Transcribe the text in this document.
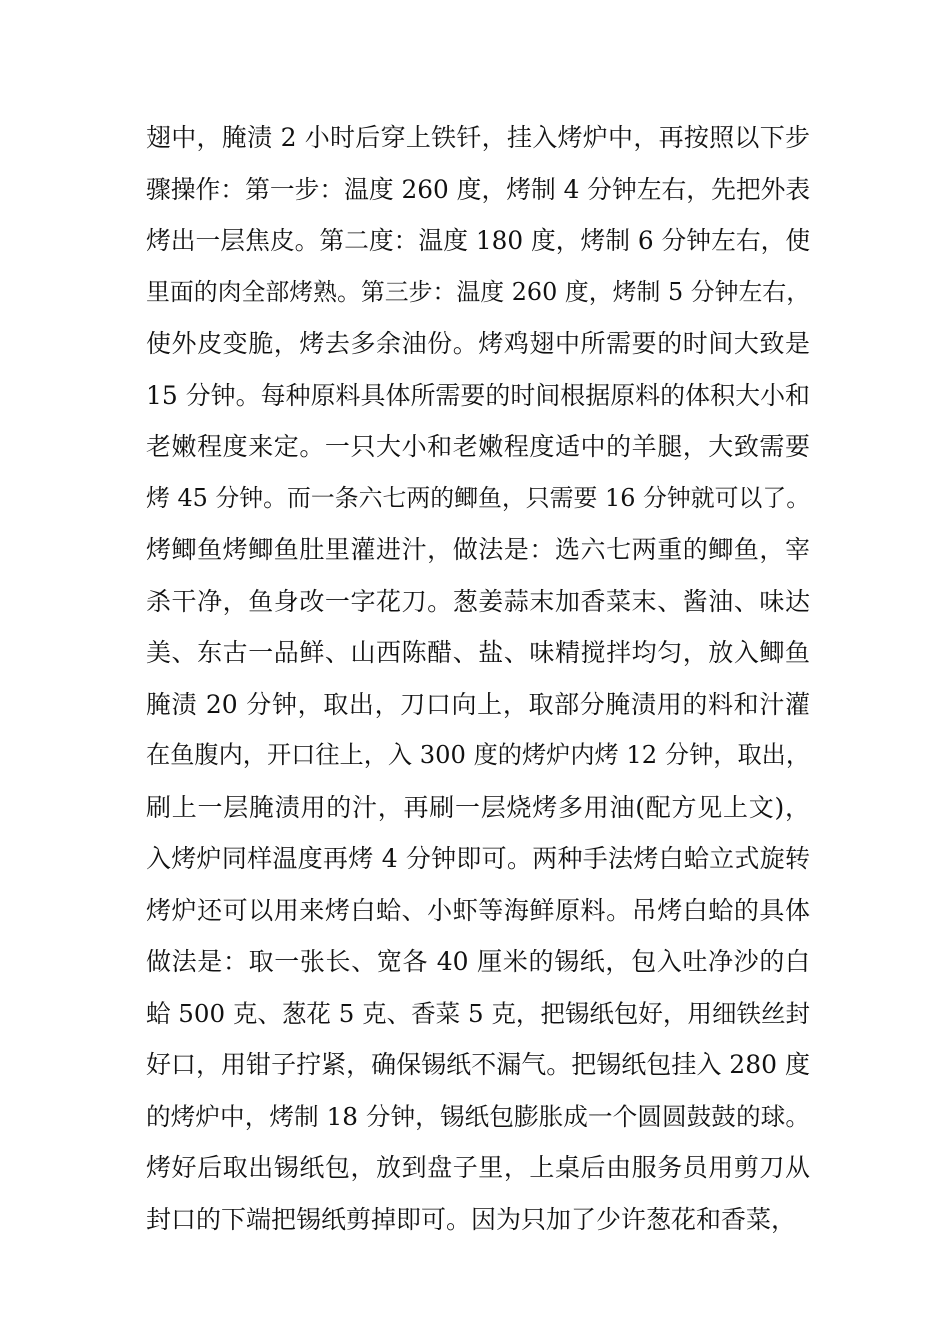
翅中，腌渍 2 小时后穿上铁钎，挂入烤炉中，再按照以下步
骤操作：第一步：温度 260 度，烤制 4 分钟左右，先把外表
烤出一层焦皮。第二度：温度 180 度，烤制 6 分钟左右，使
里面的肉全部烤熟。第三步：温度 260 度，烤制 5 分钟左右，
使外皮变脆，烤去多余油份。烤鸡翅中所需要的时间大致是
15 分钟。每种原料具体所需要的时间根据原料的体积大小和
老嫩程度来定。一只大小和老嫩程度适中的羊腿，大致需要
烤 45 分钟。而一条六七两的鲫鱼，只需要 16 分钟就可以了。
烤鲫鱼烤鲫鱼肚里灌进汁，做法是：选六七两重的鲫鱼，宰
杀干净，鱼身改一字花刀。葱姜蒜末加香菜末、酱油、味达
美、东古一品鲜、山西陈醋、盐、味精搅拌均匀，放入鲫鱼
腌渍 20 分钟，取出，刀口向上，取部分腌渍用的料和汁灌
在鱼腹内，开口往上，入 300 度的烤炉内烤 12 分钟，取出，
刷上一层腌渍用的汁，再刷一层烧烤多用油(配方见上文)，
入烤炉同样温度再烤 4 分钟即可。两种手法烤白蛤立式旋转
烤炉还可以用来烤白蛤、小虾等海鲜原料。吊烤白蛤的具体
做法是：取一张长、宽各 40 厘米的锡纸，包入吐净沙的白
蛤 500 克、葱花 5 克、香菜 5 克，把锡纸包好，用细铁丝封
好口，用钳子拧紧，确保锡纸不漏气。把锡纸包挂入 280 度
的烤炉中，烤制 18 分钟，锡纸包膨胀成一个圆圆鼓鼓的球。
烤好后取出锡纸包，放到盘子里，上桌后由服务员用剪刀从
封口的下端把锡纸剪掉即可。因为只加了少许葱花和香菜，
